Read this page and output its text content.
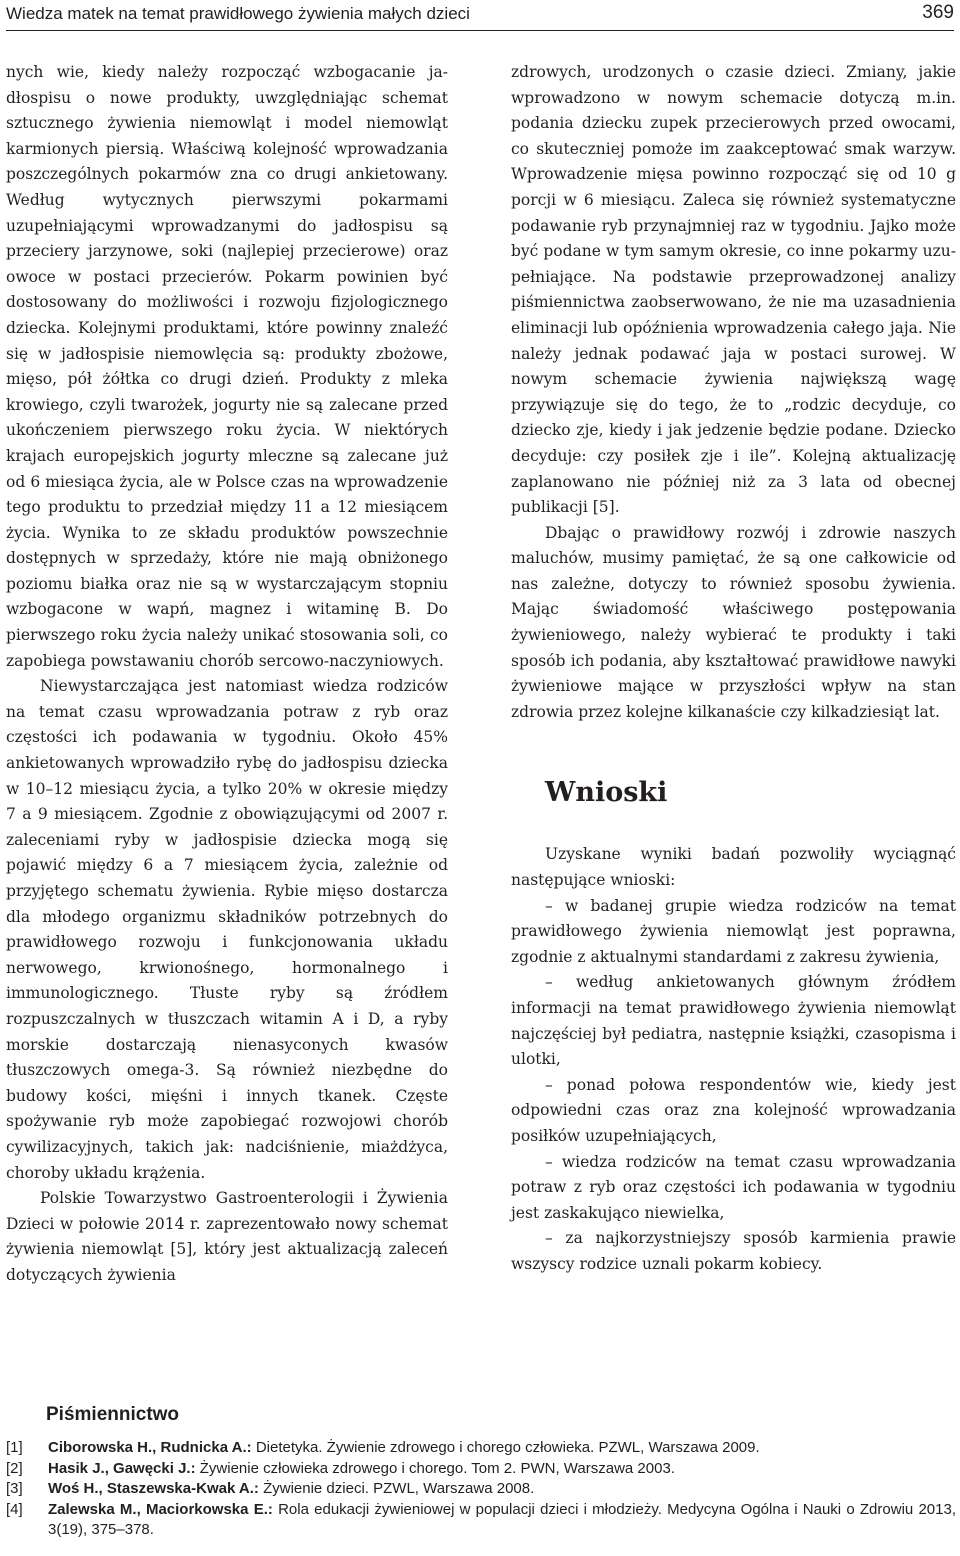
Wiedza matek na temat prawidłowego żywienia małych dzieci	369

nych wie, kiedy należy rozpocząć wzbogacanie jadłospisu o nowe produkty, uwzględniając schemat sztucznego żywienia niemowląt i model niemowląt karmionych piersią. Właściwą kolejność wprowadzania poszczególnych pokarmów zna co drugi ankietowany. Według wytycznych pierwszymi pokarmami uzupełniającymi wprowadzanymi do jadłospisu są przeciery jarzynowe, soki (najlepiej przecierowe) oraz owoce w postaci przecierów. Pokarm powinien być dostosowany do możliwości i rozwoju fizjologicznego dziecka. Kolejnymi produktami, które powinny znaleźć się w jadłospisie niemowlęcia są: produkty zbożowe, mięso, pół żółtka co drugi dzień. Produkty z mleka krowiego, czyli twarożek, jogurty nie są zalecane przed ukończeniem pierwszego roku życia. W niektórych krajach europejskich jogurty mleczne są zalecane już od 6 miesiąca życia, ale w Polsce czas na wprowadzenie tego produktu to przedział między 11 a 12 miesiącem życia. Wynika to ze składu produktów powszechnie dostępnych w sprzedaży, które nie mają obniżonego poziomu białka oraz nie są w wystarczającym stopniu wzbogacone w wapń, magnez i witaminę B. Do pierwszego roku życia należy unikać stosowania soli, co zapobiega powstawaniu chorób sercowo-naczyniowych.

Niewystarczająca jest natomiast wiedza rodziców na temat czasu wprowadzania potraw z ryb oraz częstości ich podawania w tygodniu. Około 45% ankietowanych wprowadziło rybę do jadłospisu dziecka w 10–12 miesiącu życia, a tylko 20% w okresie między 7 a 9 miesiącem. Zgodnie z obowiązującymi od 2007 r. zaleceniami ryby w jadłospisie dziecka mogą się pojawić między 6 a 7 miesiącem życia, zależnie od przyjętego schematu żywienia. Rybie mięso dostarcza dla młodego organizmu składników potrzebnych do prawidłowego rozwoju i funkcjonowania układu nerwowego, krwionośnego, hormonalnego i immunologicznego. Tłuste ryby są źródłem rozpuszczalnych w tłuszczach witamin A i D, a ryby morskie dostarczają nienasyconych kwasów tłuszczowych omega-3. Są również niezbędne do budowy kości, mięśni i innych tkanek. Częste spożywanie ryb może zapobiegać rozwojowi chorób cywilizacyjnych, takich jak: nadciśnienie, miażdżyca, choroby układu krążenia.

Polskie Towarzystwo Gastroenterologii i Żywienia Dzieci w połowie 2014 r. zaprezentowało nowy schemat żywienia niemowląt [5], który jest aktualizacją zaleceń dotyczących żywienia

zdrowych, urodzonych o czasie dzieci. Zmiany, jakie wprowadzono w nowym schemacie dotyczą m.in. podania dziecku zupek przecierowych przed owocami, co skuteczniej pomoże im zaakceptować smak warzyw. Wprowadzenie mięsa powinno rozpocząć się od 10 g porcji w 6 miesiącu. Zaleca się również systematyczne podawanie ryb przynajmniej raz w tygodniu. Jajko może być podane w tym samym okresie, co inne pokarmy uzupełniające. Na podstawie przeprowadzonej analizy piśmiennictwa zaobserwowano, że nie ma uzasadnienia eliminacji lub opóźnienia wprowadzenia całego jaja. Nie należy jednak podawać jaja w postaci surowej. W nowym schemacie żywienia największą wagę przywiązuje się do tego, że to „rodzic decyduje, co dziecko zje, kiedy i jak jedzenie będzie podane. Dziecko decyduje: czy posiłek zje i ile”. Kolejną aktualizację zaplanowano nie później niż za 3 lata od obecnej publikacji [5].

Dbając o prawidłowy rozwój i zdrowie naszych maluchów, musimy pamiętać, że są one całkowicie od nas zależne, dotyczy to również sposobu żywienia. Mając świadomość właściwego postępowania żywieniowego, należy wybierać te produkty i taki sposób ich podania, aby kształtować prawidłowe nawyki żywieniowe mające w przyszłości wpływ na stan zdrowia przez kolejne kilkanaście czy kilkadziesiąt lat.

Wnioski

Uzyskane wyniki badań pozwoliły wyciągnąć następujące wnioski:

– w badanej grupie wiedza rodziców na temat prawidłowego żywienia niemowląt jest poprawna, zgodnie z aktualnymi standardami z zakresu żywienia,

– według ankietowanych głównym źródłem informacji na temat prawidłowego żywienia niemowląt najczęściej był pediatra, następnie książki, czasopisma i ulotki,

– ponad połowa respondentów wie, kiedy jest odpowiedni czas oraz zna kolejność wprowadzania posiłków uzupełniających,

– wiedza rodziców na temat czasu wprowadzania potraw z ryb oraz częstości ich podawania w tygodniu jest zaskakująco niewielka,

– za najkorzystniejszy sposób karmienia prawie wszyscy rodzice uznali pokarm kobiecy.

Piśmiennictwo
[1] Ciborowska H., Rudnicka A.: Dietetyka. Żywienie zdrowego i chorego człowieka. PZWL, Warszawa 2009.
[2] Hasik J., Gawęcki J.: Żywienie człowieka zdrowego i chorego. Tom 2. PWN, Warszawa 2003.
[3] Woś H., Staszewska-Kwak A.: Żywienie dzieci. PZWL, Warszawa 2008.
[4] Zalewska M., Maciorkowska E.: Rola edukacji żywieniowej w populacji dzieci i młodzieży. Medycyna Ogólna i Nauki o Zdrowiu 2013, 3(19), 375–378.
